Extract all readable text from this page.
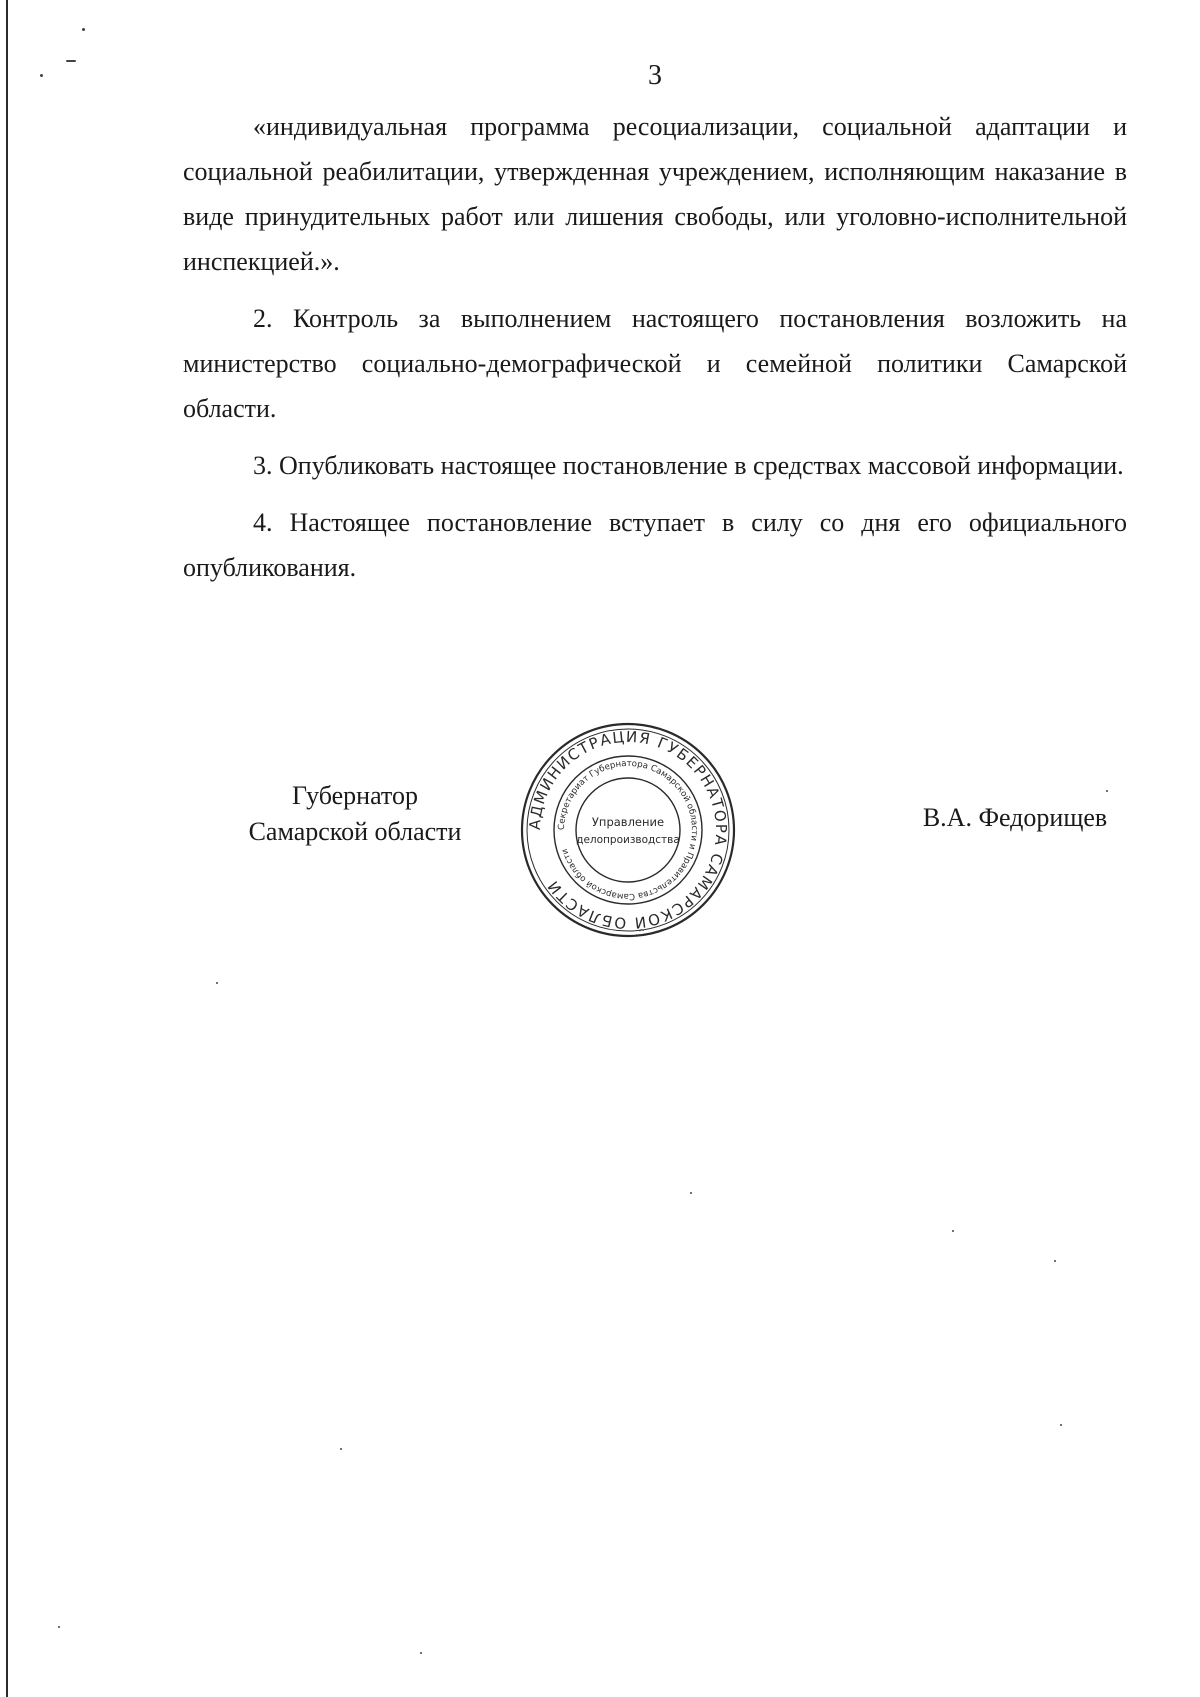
3

«индивидуальная программа ресоциализации, социальной адаптации и социальной реабилитации, утвержденная учреждением, исполняющим наказание в виде принудительных работ или лишения свободы, или уголовно-исполнительной инспекцией.».

2. Контроль за выполнением настоящего постановления возложить на министерство социально-демографической и семейной политики Самарской области.

3. Опубликовать настоящее постановление в средствах массовой информации.

4. Настоящее постановление вступает в силу со дня его официального опубликования.

Губернатор
Самарской области	АДМИНИСТРАЦИЯ ГУБЕРНАТОРА САМАРСКОЙ ОБЛАСТИ
Секретариат Губернатора Самарской области и Правительства Самарской области
Управление
делопроизводства
В.А. Федорищев
